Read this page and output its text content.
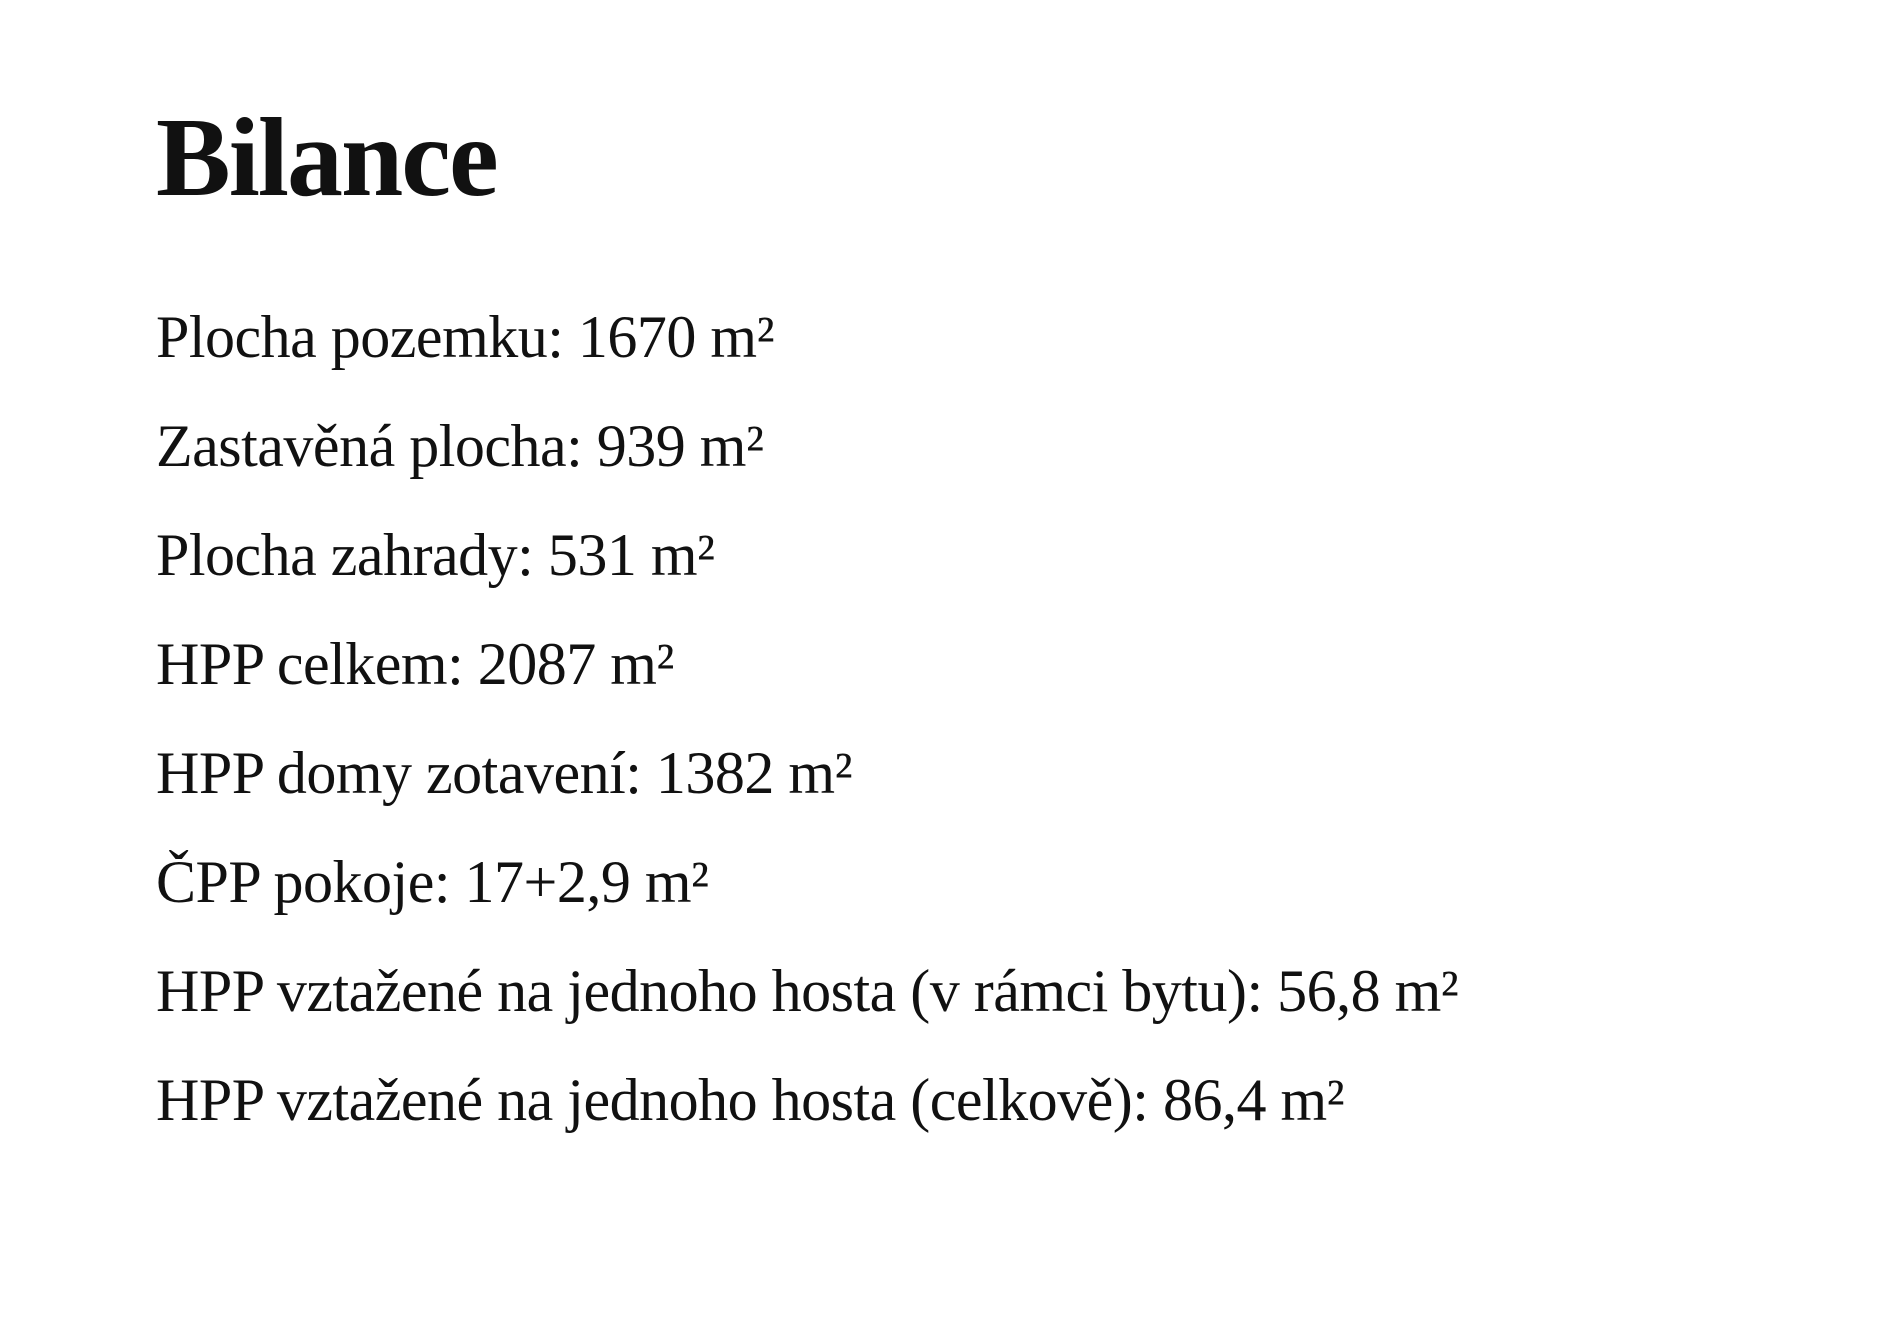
Bilance
Plocha pozemku: 1670 m²
Zastavěná plocha: 939 m²
Plocha zahrady: 531 m²
HPP celkem: 2087 m²
HPP domy zotavení: 1382 m²
ČPP pokoje: 17+2,9 m²
HPP vztažené na jednoho hosta (v rámci bytu): 56,8 m²
HPP vztažené na jednoho hosta (celkově): 86,4 m²
